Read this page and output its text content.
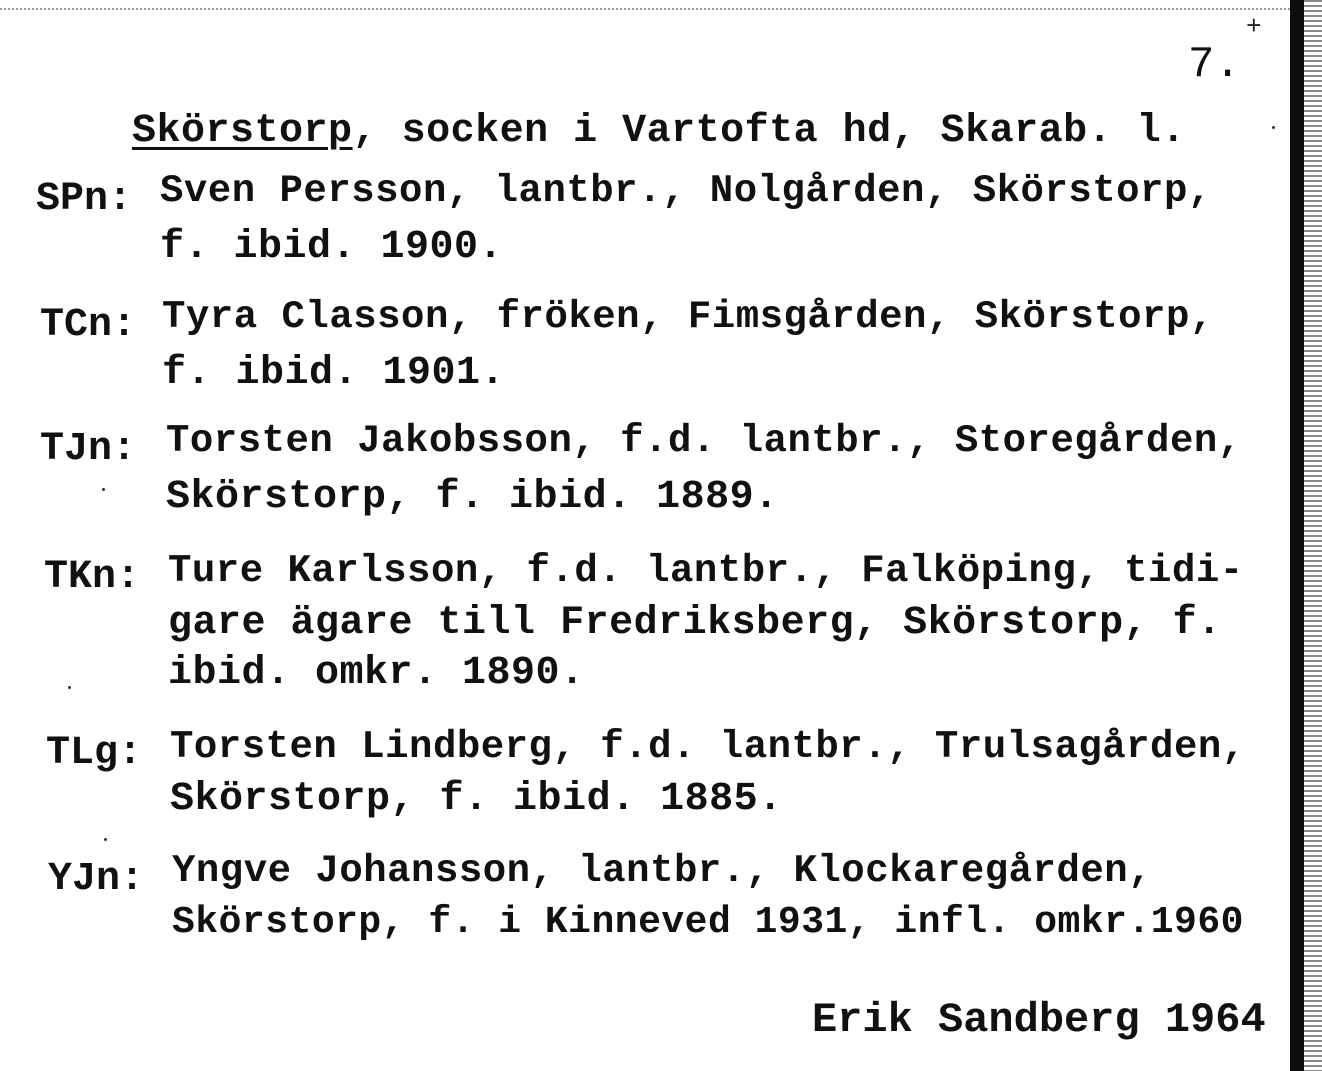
+
7.

Skörstorp, socken i Vartofta hd, Skarab. l.

SPn: Sven Persson, lantbr., Nolgården, Skörstorp,
f. ibid. 1900.
TCn: Tyra Classon, fröken, Fimsgården, Skörstorp,
f. ibid. 1901.
TJn: Torsten Jakobsson, f.d. lantbr., Storegården,
Skörstorp, f. ibid. 1889.
TKn: Ture Karlsson, f.d. lantbr., Falköping, tidi-
gare ägare till Fredriksberg, Skörstorp, f.
ibid. omkr. 1890.
TLg: Torsten Lindberg, f.d. lantbr., Trulsagården,
Skörstorp, f. ibid. 1885.
YJn: Yngve Johansson, lantbr., Klockaregården,
Skörstorp, f. i Kinneved 1931, infl. omkr.1960
Erik Sandberg 1964
